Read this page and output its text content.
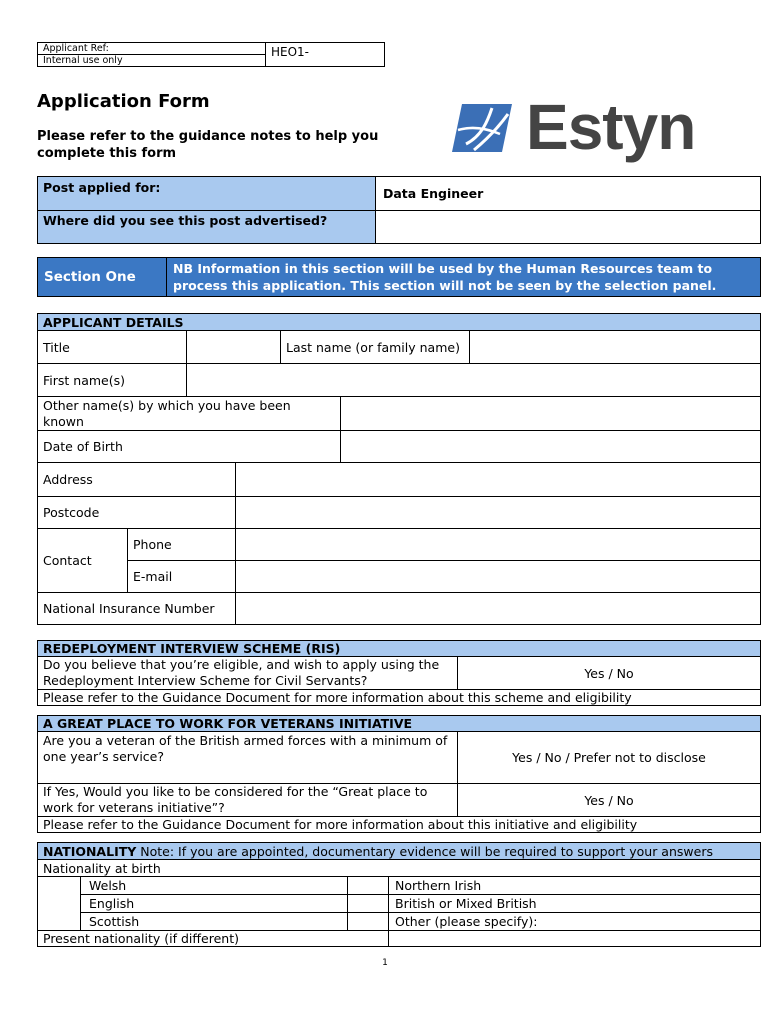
Applicant Ref:	HEO1-
Internal use only
Application Form
Please refer to the guidance notes to help you
complete this form	Estyn
Post applied for:	Data Engineer
Where did you see this post advertised?	
Section One	
NB Information in this section will be used by the Human Resources team to
process this application. This section will not be seen by the selection panel.
APPLICANT DETAILS						
Title				Last name (or family name)		
First name(s)						

Other name(s) by which you have been
known						

Date of Birth						
Address						
Postcode						
Contact	Phone					
	E-mail					
National Insurance Number						

REDEPLOYMENT INTERVIEW SCHEME (RIS)

Do you believe that you’re eligible, and wish to apply using the
Redeployment Interview Scheme for Civil Servants?	Yes / No
Please refer to the Guidance Document for more information about this scheme and eligibility
A GREAT PLACE TO WORK FOR VETERANS INITIATIVE	

Are you a veteran of the British armed forces with a minimum of
one year’s service?	Yes / No / Prefer not to disclose

If Yes, Would you like to be considered for the “Great place to
work for veterans initiative”?	Yes / No
Please refer to the Guidance Document for more information about this initiative and eligibility	
NATIONALITY Note: If you are appointed, documentary evidence will be required to support your answers			
Nationality at birth			
	Welsh		Northern Irish
	English		British or Mixed British
	Scottish		Other (please specify):
Present nationality (if different)			
1
